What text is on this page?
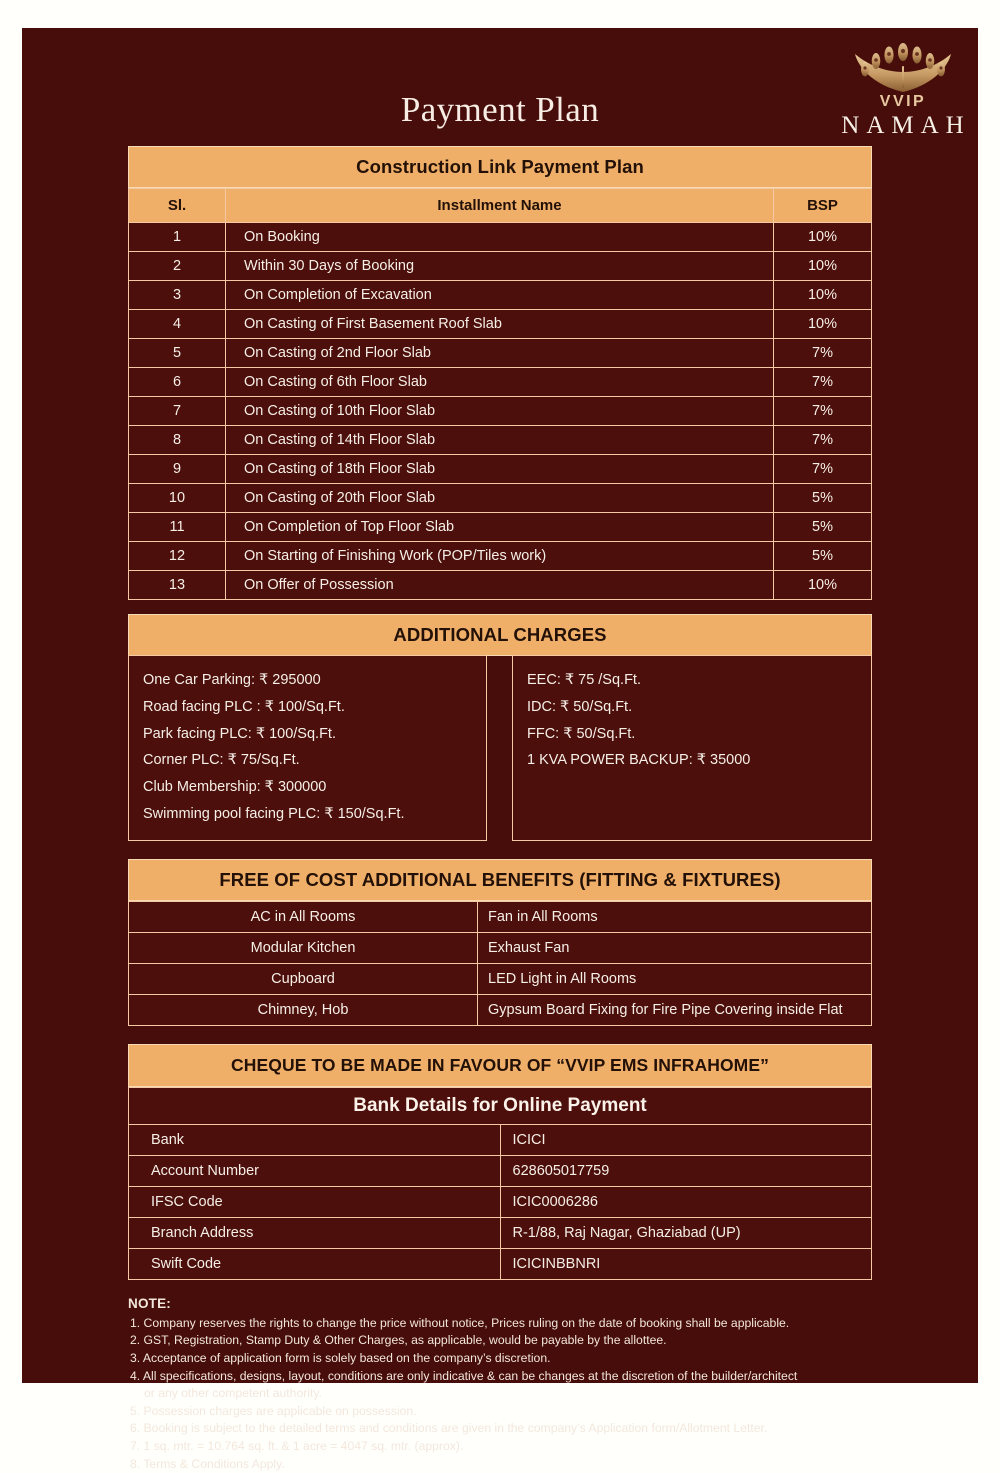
Payment Plan	VVIP
NAMAH
Construction Link Payment Plan
Sl.	Installment Name	BSP
1	On Booking	10%
2	Within 30 Days of Booking	10%
3	On Completion of Excavation	10%
4	On Casting of First Basement Roof Slab	10%
5	On Casting of 2nd Floor Slab	7%
6	On Casting of 6th Floor Slab	7%
7	On Casting of 10th Floor Slab	7%
8	On Casting of 14th Floor Slab	7%
9	On Casting of 18th Floor Slab	7%
10	On Casting of 20th Floor Slab	5%
11	On Completion of Top Floor Slab	5%
12	On Starting of Finishing Work (POP/Tiles work)	5%
13	On Offer of Possession	10%
ADDITIONAL CHARGES
One Car Parking: ₹ 295000
Road facing PLC : ₹ 100/Sq.Ft.
Park facing PLC: ₹ 100/Sq.Ft.
Corner PLC: ₹ 75/Sq.Ft.
Club Membership: ₹ 300000
Swimming pool facing PLC: ₹ 150/Sq.Ft.
EEC: ₹ 75 /Sq.Ft.
IDC: ₹ 50/Sq.Ft.
FFC: ₹ 50/Sq.Ft.
1 KVA POWER BACKUP: ₹ 35000
FREE OF COST ADDITIONAL BENEFITS (FITTING & FIXTURES)
AC in All Rooms	Fan in All Rooms
Modular Kitchen	Exhaust Fan
Cupboard	LED Light in All Rooms
Chimney, Hob	Gypsum Board Fixing for Fire Pipe Covering inside Flat
CHEQUE TO BE MADE IN FAVOUR OF “VVIP EMS INFRAHOME”
Bank Details for Online Payment	
Bank	ICICI
Account Number	628605017759
IFSC Code	ICIC0006286
Branch Address	R-1/88, Raj Nagar, Ghaziabad (UP)
Swift Code	ICICINBBNRI
NOTE:
1. Company reserves the rights to change the price without notice, Prices ruling on the date of booking shall be applicable.
2. GST, Registration, Stamp Duty & Other Charges, as applicable, would be payable by the allottee.
3. Acceptance of application form is solely based on the company’s discretion.
4. All specifications, designs, layout, conditions are only indicative & can be changes at the discretion of the builder/architect
or any other competent authority.
5. Possession charges are applicable on possession.
6. Booking is subject to the detailed terms and conditions are given in the company’s Application form/Allotment Letter.
7. 1 sq. mtr. = 10.764 sq. ft. & 1 acre = 4047 sq. mtr. (approx).
8. Terms & Conditions Apply.
